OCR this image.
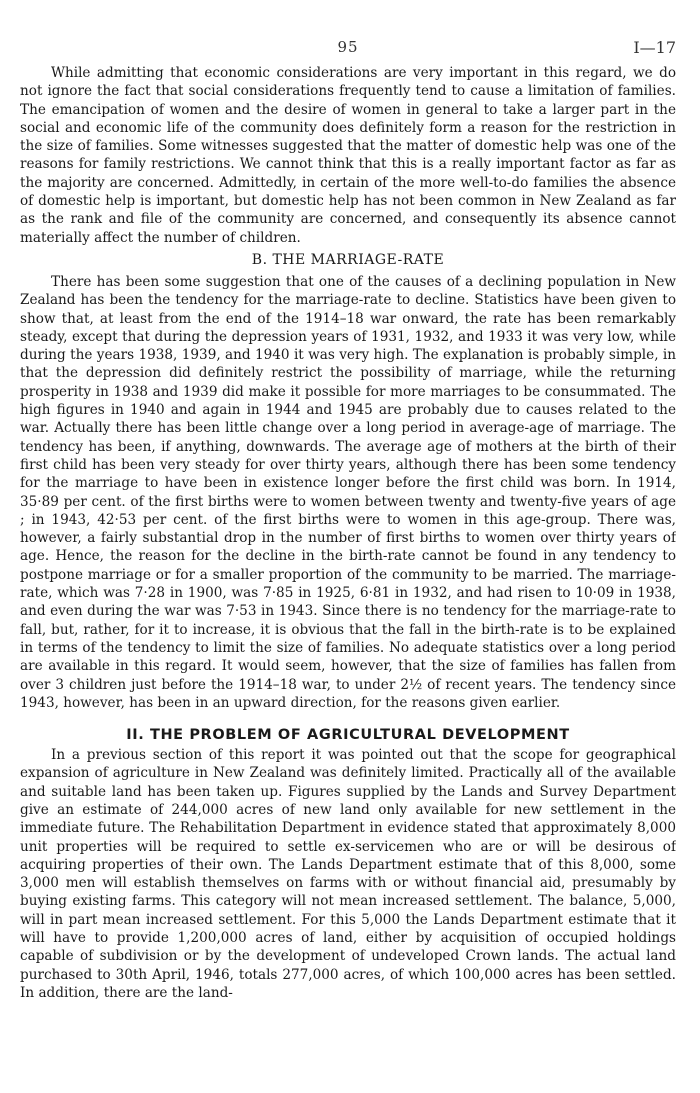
95	I—17

While admitting that economic considerations are very important in this regard, we do not ignore the fact that social considerations frequently tend to cause a limitation of families. The emancipation of women and the desire of women in general to take a larger part in the social and economic life of the community does definitely form a reason for the restriction in the size of families. Some witnesses suggested that the matter of domestic help was one of the reasons for family restrictions. We cannot think that this is a really important factor as far as the majority are concerned. Admittedly, in certain of the more well-to-do families the absence of domestic help is important, but domestic help has not been common in New Zealand as far as the rank and file of the community are concerned, and consequently its absence cannot materially affect the number of children.

B. THE MARRIAGE-RATE

There has been some suggestion that one of the causes of a declining population in New Zealand has been the tendency for the marriage-rate to decline. Statistics have been given to show that, at least from the end of the 1914–18 war onward, the rate has been remarkably steady, except that during the depression years of 1931, 1932, and 1933 it was very low, while during the years 1938, 1939, and 1940 it was very high. The explanation is probably simple, in that the depression did definitely restrict the possibility of marriage, while the returning prosperity in 1938 and 1939 did make it possible for more marriages to be consummated. The high figures in 1940 and again in 1944 and 1945 are probably due to causes related to the war. Actually there has been little change over a long period in average-age of marriage. The tendency has been, if anything, downwards. The average age of mothers at the birth of their first child has been very steady for over thirty years, although there has been some tendency for the marriage to have been in existence longer before the first child was born. In 1914, 35·89 per cent. of the first births were to women between twenty and twenty-five years of age ; in 1943, 42·53 per cent. of the first births were to women in this age-group. There was, however, a fairly substantial drop in the number of first births to women over thirty years of age. Hence, the reason for the decline in the birth-rate cannot be found in any tendency to postpone marriage or for a smaller proportion of the community to be married. The marriage-rate, which was 7·28 in 1900, was 7·85 in 1925, 6·81 in 1932, and had risen to 10·09 in 1938, and even during the war was 7·53 in 1943. Since there is no tendency for the marriage-rate to fall, but, rather, for it to increase, it is obvious that the fall in the birth-rate is to be explained in terms of the tendency to limit the size of families. No adequate statistics over a long period are available in this regard. It would seem, however, that the size of families has fallen from over 3 children just before the 1914–18 war, to under 2½ of recent years. The tendency since 1943, however, has been in an upward direction, for the reasons given earlier.

II. THE PROBLEM OF AGRICULTURAL DEVELOPMENT

In a previous section of this report it was pointed out that the scope for geographical expansion of agriculture in New Zealand was definitely limited. Practically all of the available and suitable land has been taken up. Figures supplied by the Lands and Survey Department give an estimate of 244,000 acres of new land only available for new settlement in the immediate future. The Rehabilitation Department in evidence stated that approximately 8,000 unit properties will be required to settle ex-servicemen who are or will be desirous of acquiring properties of their own. The Lands Department estimate that of this 8,000, some 3,000 men will establish themselves on farms with or without financial aid, presumably by buying existing farms. This category will not mean increased settlement. The balance, 5,000, will in part mean increased settlement. For this 5,000 the Lands Department estimate that it will have to provide 1,200,000 acres of land, either by acquisition of occupied holdings capable of subdivision or by the development of undeveloped Crown lands. The actual land purchased to 30th April, 1946, totals 277,000 acres, of which 100,000 acres has been settled. In addition, there are the land-
